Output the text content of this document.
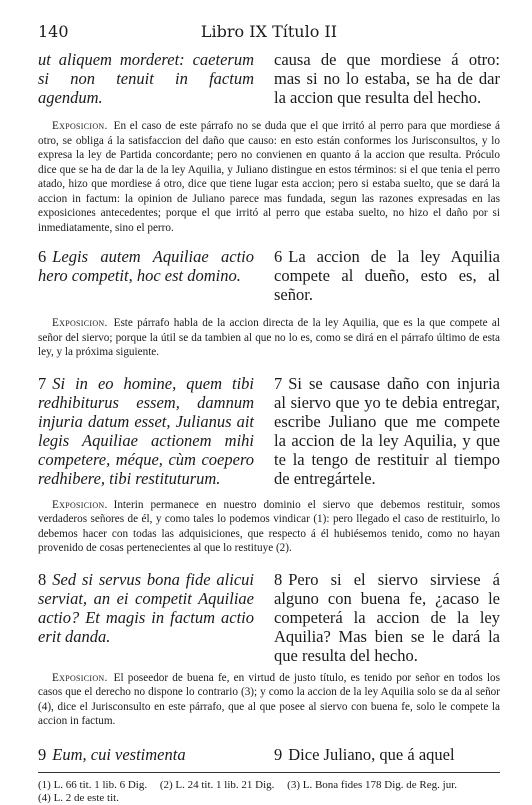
140	Libro IX Título II
ut aliquem morderet: caeterum si non tenuit in factum agendum.
causa de que mordiese á otro: mas si no lo estaba, se ha de dar la accion que resulta del hecho.

Exposicion. En el caso de este párrafo no se duda que el que irritó al perro para que mordiese á otro, se obliga á la satisfaccion del daño que causo: en esto están conformes los Jurisconsultos, y lo expresa la ley de Partida concordante; pero no convienen en quanto á la accion que resulta. Próculo dice que se ha de dar la de la ley Aquilia, y Juliano distingue en estos términos: si el que tenia el perro atado, hizo que mordiese á otro, dice que tiene lugar esta accion; pero si estaba suelto, que se dará la accion in factum: la opinion de Juliano parece mas fundada, segun las razones expresadas en las exposiciones antecedentes; porque el que irritó al perro que estaba suelto, no hizo el daño por si inmediatamente, sino el perro.

6 Legis autem Aquiliae actio hero competit, hoc est domino.
6 La accion de la ley Aquilia compete al dueño, esto es, al señor.

Exposicion. Este párrafo habla de la accion directa de la ley Aquilia, que es la que compete al señor del siervo; porque la útil se da tambien al que no lo es, como se dirá en el párrafo último de esta ley, y la próxima siguiente.

7 Si in eo homine, quem tibi redhibiturus essem, damnum injuria datum esset, Julianus ait legis Aquiliae actionem mihi competere, méque, cùm coepero redhibere, tibi restituturum.
7 Si se causase daño con injuria al siervo que yo te debia entregar, escribe Juliano que me compete la accion de la ley Aquilia, y que te la tengo de restituir al tiempo de entregártele.

Exposicion. Interin permanece en nuestro dominio el siervo que debemos restituir, somos verdaderos señores de él, y como tales lo podemos vindicar (1): pero llegado el caso de restituirlo, lo debemos hacer con todas las adquisiciones, que respecto á él hubiésemos tenido, como no hayan provenido de cosas pertenecientes al que lo restituye (2).

8 Sed si servus bona fide alicui serviat, an ei competit Aquiliae actio? Et magis in factum actio erit danda.
8 Pero si el siervo sirviese á alguno con buena fe, ¿acaso le competerá la accion de la ley Aquilia? Mas bien se le dará la que resulta del hecho.

Exposicion. El poseedor de buena fe, en virtud de justo título, es tenido por señor en todos los casos que el derecho no dispone lo contrario (3); y como la accion de la ley Aquilia solo se da al señor (4), dice el Jurisconsulto en este párrafo, que al que posee al siervo con buena fe, solo le compete la accion in factum.

9 Eum, cui vestimenta	9 Dice Juliano, que á aquel
(1) L. 66 tit. 1 lib. 6 Dig. (2) L. 24 tit. 1 lib. 21 Dig. (3) L. Bona fides 178 Dig. de Reg. jur.
(4) L. 2 de este tit.
